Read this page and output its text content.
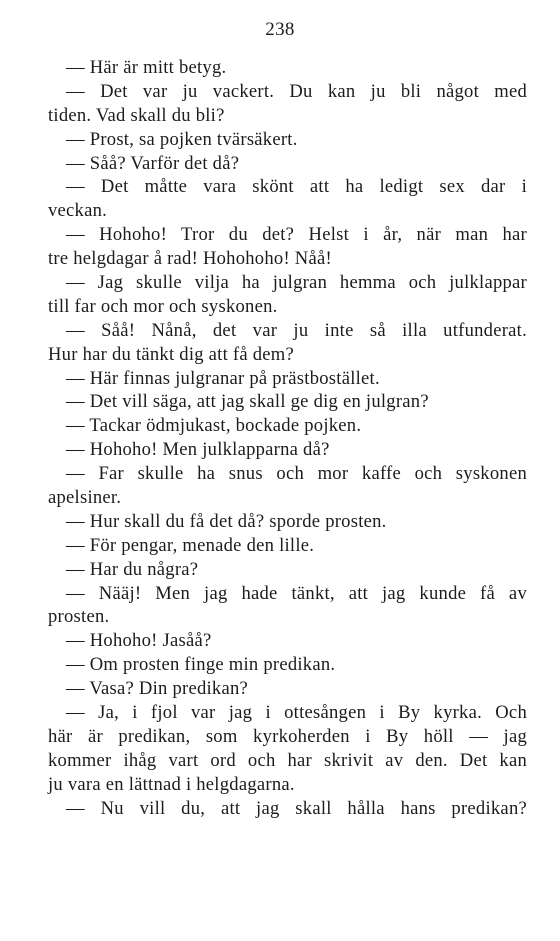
238
— Här är mitt betyg.
— Det var ju vackert. Du kan ju bli något med
tiden. Vad skall du bli?
— Prost, sa pojken tvärsäkert.
— Såå? Varför det då?
— Det måtte vara skönt att ha ledigt sex dar i
veckan.
— Hohoho! Tror du det? Helst i år, när man har
tre helgdagar å rad! Hohohoho! Nåå!
— Jag skulle vilja ha julgran hemma och julklappar
till far och mor och syskonen.
— Såå! Nånå, det var ju inte så illa utfunderat.
Hur har du tänkt dig att få dem?
— Här finnas julgranar på prästbostället.
— Det vill säga, att jag skall ge dig en julgran?
— Tackar ödmjukast, bockade pojken.
— Hohoho! Men julklapparna då?
— Far skulle ha snus och mor kaffe och syskonen
apelsiner.
— Hur skall du få det då? sporde prosten.
— För pengar, menade den lille.
— Har du några?
— Nääj! Men jag hade tänkt, att jag kunde få av
prosten.
— Hohoho! Jasåå?
— Om prosten finge min predikan.
— Vasa? Din predikan?
— Ja, i fjol var jag i ottesången i By kyrka. Och
här är predikan, som kyrkoherden i By höll — jag
kommer ihåg vart ord och har skrivit av den. Det kan
ju vara en lättnad i helgdagarna.
— Nu vill du, att jag skall hålla hans predikan?
